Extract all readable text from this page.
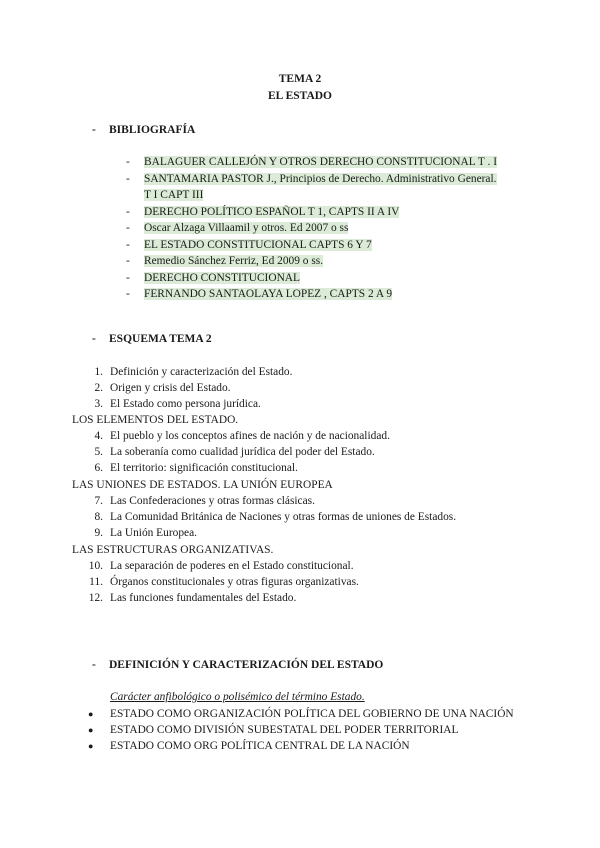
TEMA 2
EL ESTADO
- BIBLIOGRAFÍA
- BALAGUER CALLEJÓN Y OTROS DERECHO CONSTITUCIONAL T . I
- SANTAMARIA PASTOR J., Principios de Derecho. Administrativo General. T I CAPT III
- DERECHO POLÍTICO ESPAÑOL T 1, CAPTS II A IV
- Oscar Alzaga Villaamil y otros. Ed 2007 o ss
- EL ESTADO CONSTITUCIONAL CAPTS 6 Y 7
- Remedio Sánchez Ferriz, Ed 2009 o ss.
- DERECHO CONSTITUCIONAL
- FERNANDO SANTAOLAYA LOPEZ , CAPTS 2 A 9
- ESQUEMA TEMA 2
1. Definición y caracterización del Estado.
2. Origen y crisis del Estado.
3. El Estado como persona jurídica.
LOS ELEMENTOS DEL ESTADO.
4. El pueblo y los conceptos afines de nación y de nacionalidad.
5. La soberanía como cualidad jurídica del poder del Estado.
6. El territorio: significación constitucional.
LAS UNIONES DE ESTADOS. LA UNIÓN EUROPEA
7. Las Confederaciones y otras formas clásicas.
8. La Comunidad Británica de Naciones y otras formas de uniones de Estados.
9. La Unión Europea.
LAS ESTRUCTURAS ORGANIZATIVAS.
10. La separación de poderes en el Estado constitucional.
11. Órganos constitucionales y otras figuras organizativas.
12. Las funciones fundamentales del Estado.
- DEFINICIÓN Y CARACTERIZACIÓN DEL ESTADO
Carácter anfibológico o polisémico del término Estado.
● ESTADO COMO ORGANIZACIÓN POLÍTICA DEL GOBIERNO DE UNA NACIÓN
● ESTADO COMO DIVISIÓN SUBESTATAL DEL PODER TERRITORIAL
● ESTADO COMO ORG POLÍTICA CENTRAL DE LA NACIÓN
